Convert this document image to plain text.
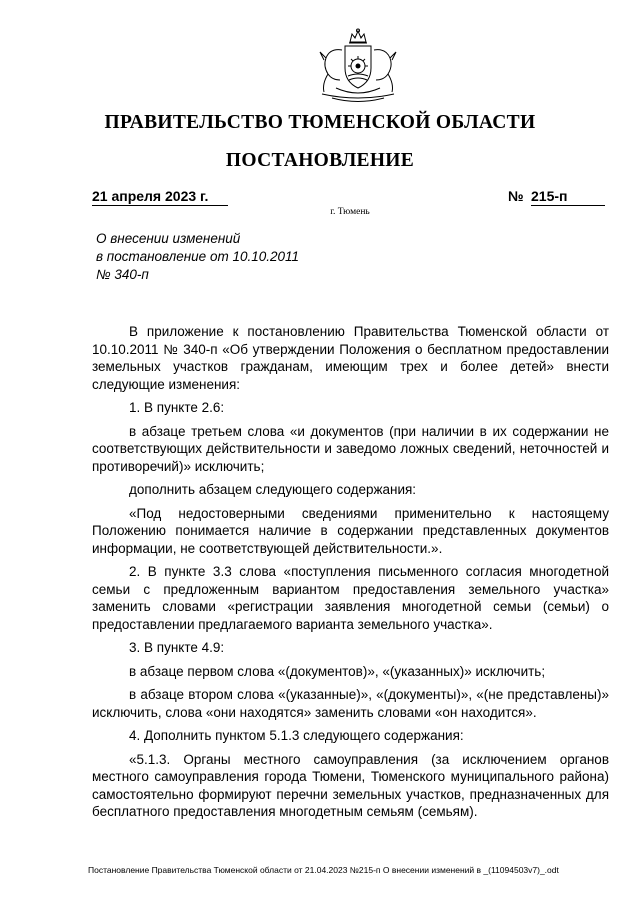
ПРАВИТЕЛЬСТВО ТЮМЕНСКОЙ ОБЛАСТИ
ПОСТАНОВЛЕНИЕ
21 апреля 2023 г.	№ 215-п
г. Тюмень
О внесении изменений
в постановление от 10.10.2011
№ 340-п

В приложение к постановлению Правительства Тюменской области от 10.10.2011 № 340-п «Об утверждении Положения о бесплатном предоставлении земельных участков гражданам, имеющим трех и более детей» внести следующие изменения:

1. В пункте 2.6:

в абзаце третьем слова «и документов (при наличии в их содержании не соответствующих действительности и заведомо ложных сведений, неточностей и противоречий)» исключить;

дополнить абзацем следующего содержания:

«Под недостоверными сведениями применительно к настоящему Положению понимается наличие в содержании представленных документов информации, не соответствующей действительности.».

2. В пункте 3.3 слова «поступления письменного согласия многодетной семьи с предложенным вариантом предоставления земельного участка» заменить словами «регистрации заявления многодетной семьи (семьи) о предоставлении предлагаемого варианта земельного участка».

3. В пункте 4.9:

в абзаце первом слова «(документов)», «(указанных)» исключить;

в абзаце втором слова «(указанные)», «(документы)», «(не представлены)» исключить, слова «они находятся» заменить словами «он находится».

4. Дополнить пунктом 5.1.3 следующего содержания:

«5.1.3. Органы местного самоуправления (за исключением органов местного самоуправления города Тюмени, Тюменского муниципального района) самостоятельно формируют перечни земельных участков, предназначенных для бесплатного предоставления многодетным семьям (семьям).

Постановление Правительства Тюменской области от 21.04.2023 №215-п О внесении изменений в _(11094503v7)_.odt
